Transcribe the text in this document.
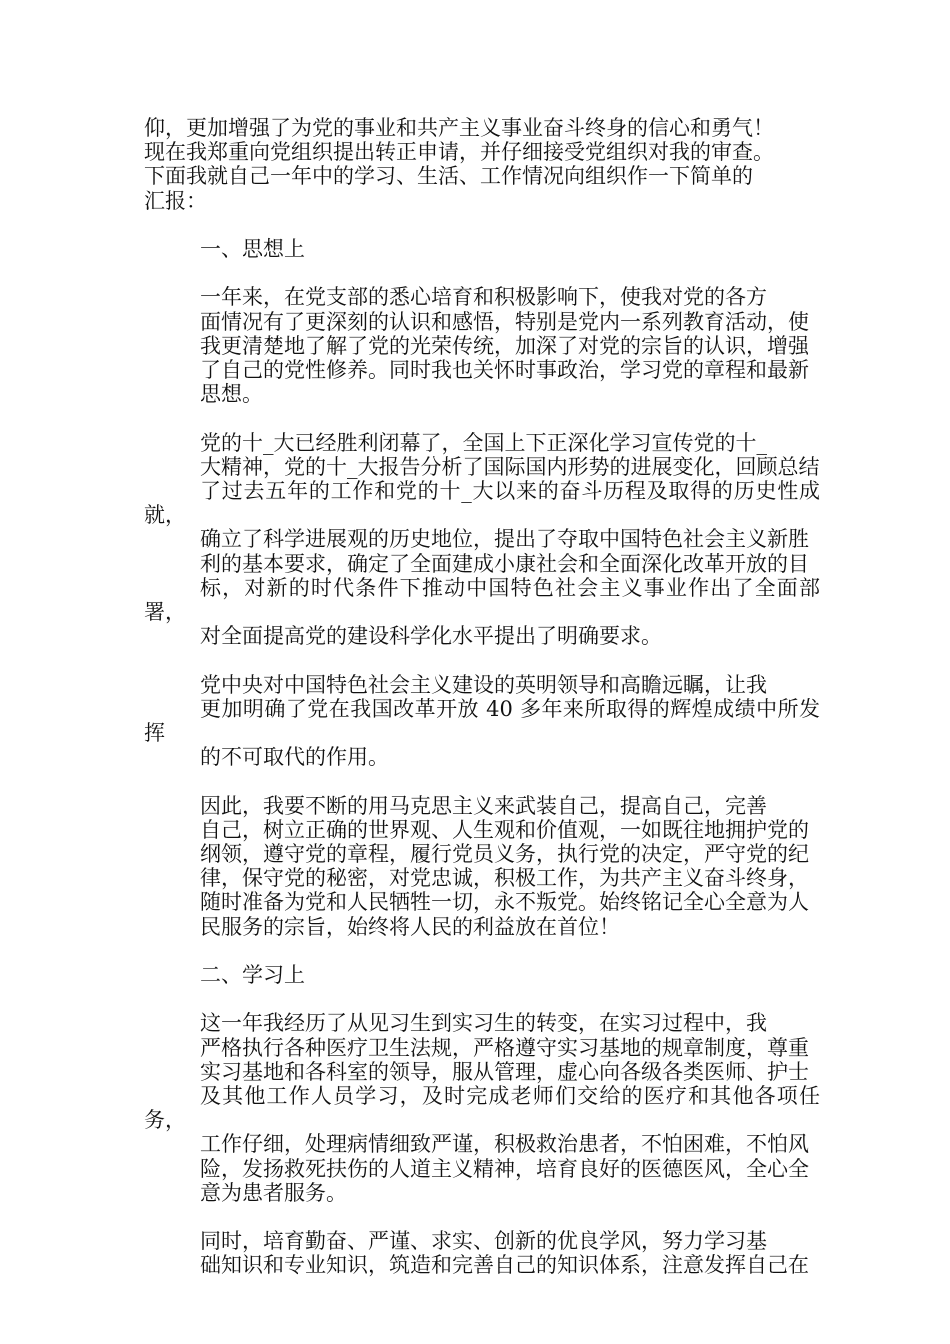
仰，更加增强了为党的事业和共产主义事业奋斗终身的信心和勇气！
现在我郑重向党组织提出转正申请，并仔细接受党组织对我的审查。
下面我就自己一年中的学习、生活、工作情况向组织作一下简单的
汇报：
一、思想上
一年来，在党支部的悉心培育和积极影响下，使我对党的各方
面情况有了更深刻的认识和感悟，特别是党内一系列教育活动，使
我更清楚地了解了党的光荣传统，加深了对党的宗旨的认识，增强
了自己的党性修养。同时我也关怀时事政治，学习党的章程和最新
思想。
党的十_大已经胜利闭幕了，全国上下正深化学习宣传党的十_
大精神，党的十_大报告分析了国际国内形势的进展变化，回顾总结
了过去五年的工作和党的十_大以来的奋斗历程及取得的历史性成就，
确立了科学进展观的历史地位，提出了夺取中国特色社会主义新胜
利的基本要求，确定了全面建成小康社会和全面深化改革开放的目
标，对新的时代条件下推动中国特色社会主义事业作出了全面部署，
对全面提高党的建设科学化水平提出了明确要求。
党中央对中国特色社会主义建设的英明领导和高瞻远瞩，让我
更加明确了党在我国改革开放 40 多年来所取得的辉煌成绩中所发挥
的不可取代的作用。
因此，我要不断的用马克思主义来武装自己，提高自己，完善
自己，树立正确的世界观、人生观和价值观，一如既往地拥护党的
纲领，遵守党的章程，履行党员义务，执行党的决定，严守党的纪
律，保守党的秘密，对党忠诚，积极工作，为共产主义奋斗终身，
随时准备为党和人民牺牲一切，永不叛党。始终铭记全心全意为人
民服务的宗旨，始终将人民的利益放在首位！
二、学习上
这一年我经历了从见习生到实习生的转变，在实习过程中，我
严格执行各种医疗卫生法规，严格遵守实习基地的规章制度，尊重
实习基地和各科室的领导，服从管理，虚心向各级各类医师、护士
及其他工作人员学习，及时完成老师们交给的医疗和其他各项任务，
工作仔细，处理病情细致严谨，积极救治患者，不怕困难，不怕风
险，发扬救死扶伤的人道主义精神，培育良好的医德医风，全心全
意为患者服务。
同时，培育勤奋、严谨、求实、创新的优良学风，努力学习基
础知识和专业知识，筑造和完善自己的知识体系，注意发挥自己在
